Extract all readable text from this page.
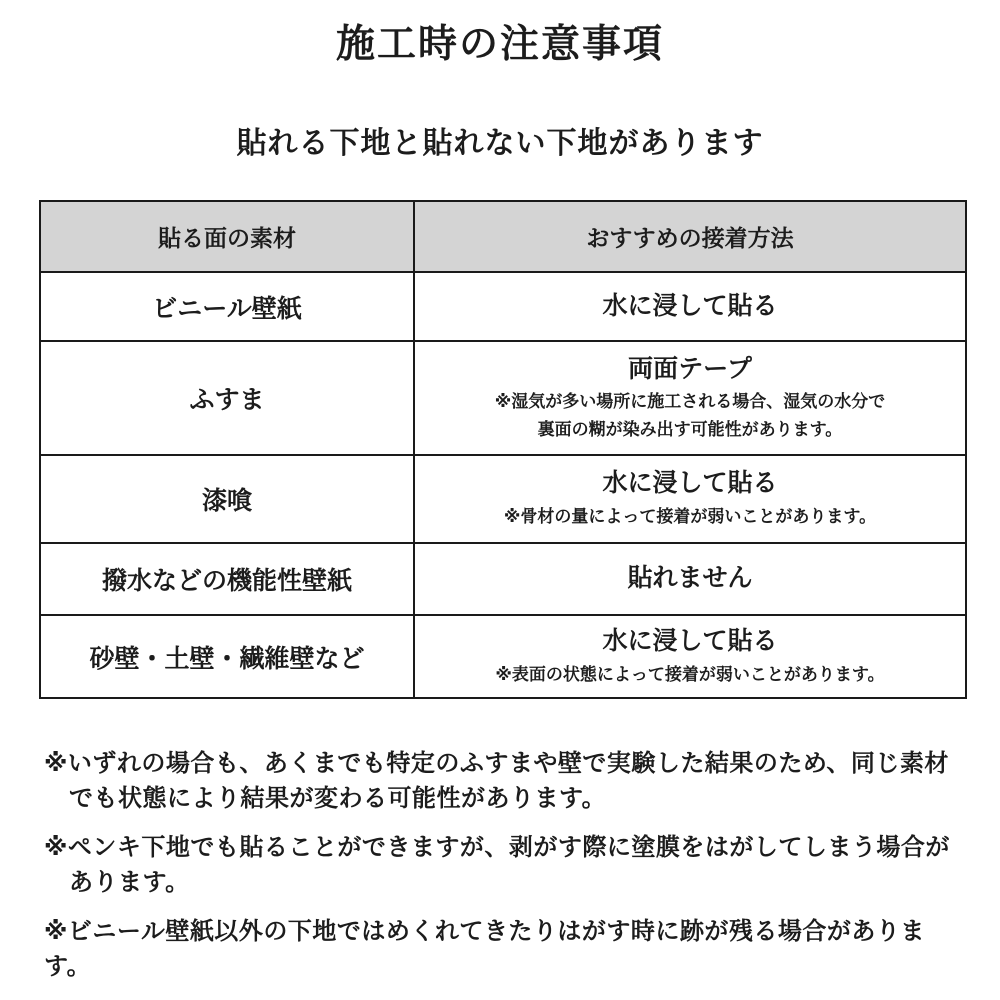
施工時の注意事項
貼れる下地と貼れない下地があります
貼る面の素材	おすすめの接着方法
ビニール壁紙	水に浸して貼る

ふすま	両面テープ
※湿気が多い場所に施工される場合、湿気の水分で
裏面の糊が染み出す可能性があります。

漆喰	水に浸して貼る
※骨材の量によって接着が弱いことがあります。

撥水などの機能性壁紙	貼れません

砂壁・土壁・繊維壁など	水に浸して貼る
※表面の状態によって接着が弱いことがあります。
※いずれの場合も、あくまでも特定のふすまや壁で実験した結果のため、同じ素材
でも状態により結果が変わる可能性があります。
※ペンキ下地でも貼ることができますが、剥がす際に塗膜をはがしてしまう場合が
あります。
※ビニール壁紙以外の下地ではめくれてきたりはがす時に跡が残る場合があります。
